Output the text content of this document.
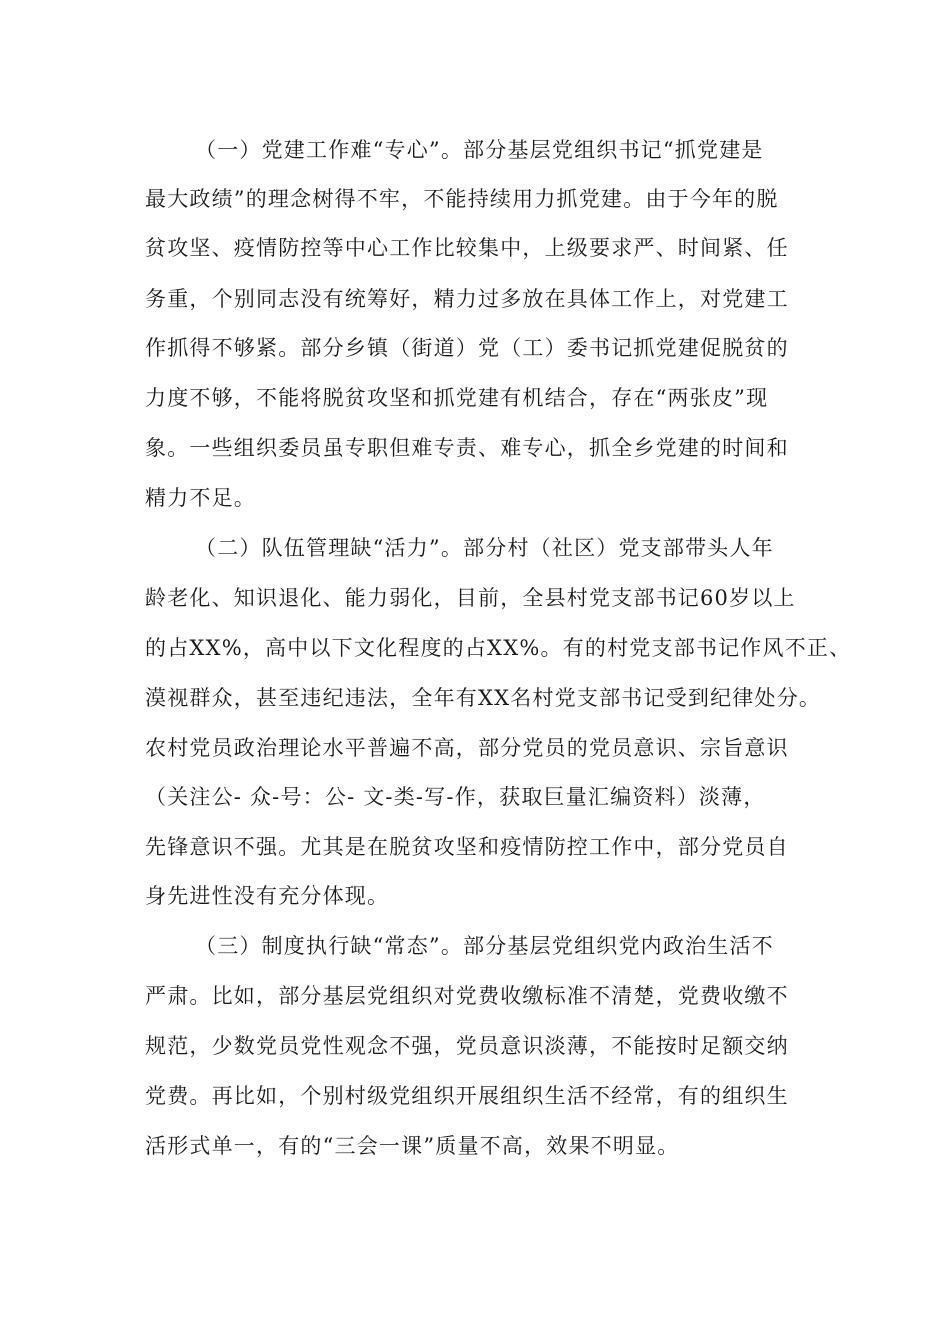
（一）党建工作难“专心”。部分基层党组织书记“抓党建是

最大政绩”的理念树得不牢，不能持续用力抓党建。由于今年的脱

贫攻坚、疫情防控等中心工作比较集中，上级要求严、时间紧、任

务重，个别同志没有统筹好，精力过多放在具体工作上，对党建工

作抓得不够紧。部分乡镇（街道）党（工）委书记抓党建促脱贫的

力度不够，不能将脱贫攻坚和抓党建有机结合，存在“两张皮”现

象。一些组织委员虽专职但难专责、难专心，抓全乡党建的时间和

精力不足。

（二）队伍管理缺“活力”。部分村（社区）党支部带头人年

龄老化、知识退化、能力弱化，目前，全县村党支部书记60岁以上

的占XX%，高中以下文化程度的占XX%。有的村党支部书记作风不正、

漠视群众，甚至违纪违法，全年有XX名村党支部书记受到纪律处分。

农村党员政治理论水平普遍不高，部分党员的党员意识、宗旨意识

（关注公- 众-号：公- 文-类-写-作，获取巨量汇编资料）淡薄，

先锋意识不强。尤其是在脱贫攻坚和疫情防控工作中，部分党员自

身先进性没有充分体现。

（三）制度执行缺“常态”。部分基层党组织党内政治生活不

严肃。比如，部分基层党组织对党费收缴标准不清楚，党费收缴不

规范，少数党员党性观念不强，党员意识淡薄，不能按时足额交纳

党费。再比如，个别村级党组织开展组织生活不经常，有的组织生

活形式单一，有的“三会一课”质量不高，效果不明显。
